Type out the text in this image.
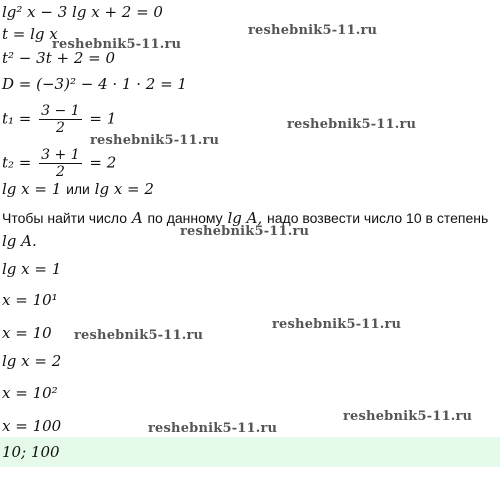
lg² x − 3 lg x + 2 = 0
t = lg x
t² − 3t + 2 = 0
D = (−3)² − 4 · 1 · 2 = 1
$t_1 = \frac{3 - 1}{2} = 1$
$t_2 = \frac{3 + 1}{2} = 2$
lg x = 1 или lg x = 2
Чтобы найти число A по данному lg A, надо возвести число 10 в степень
lg A.
lg x = 1
x = 10¹
x = 10
lg x = 2
x = 10²
x = 100
10; 100
reshebnik5-11.ru
reshebnik5-11.ru
reshebnik5-11.ru
reshebnik5-11.ru
reshebnik5-11.ru
reshebnik5-11.ru
reshebnik5-11.ru
reshebnik5-11.ru
reshebnik5-11.ru
